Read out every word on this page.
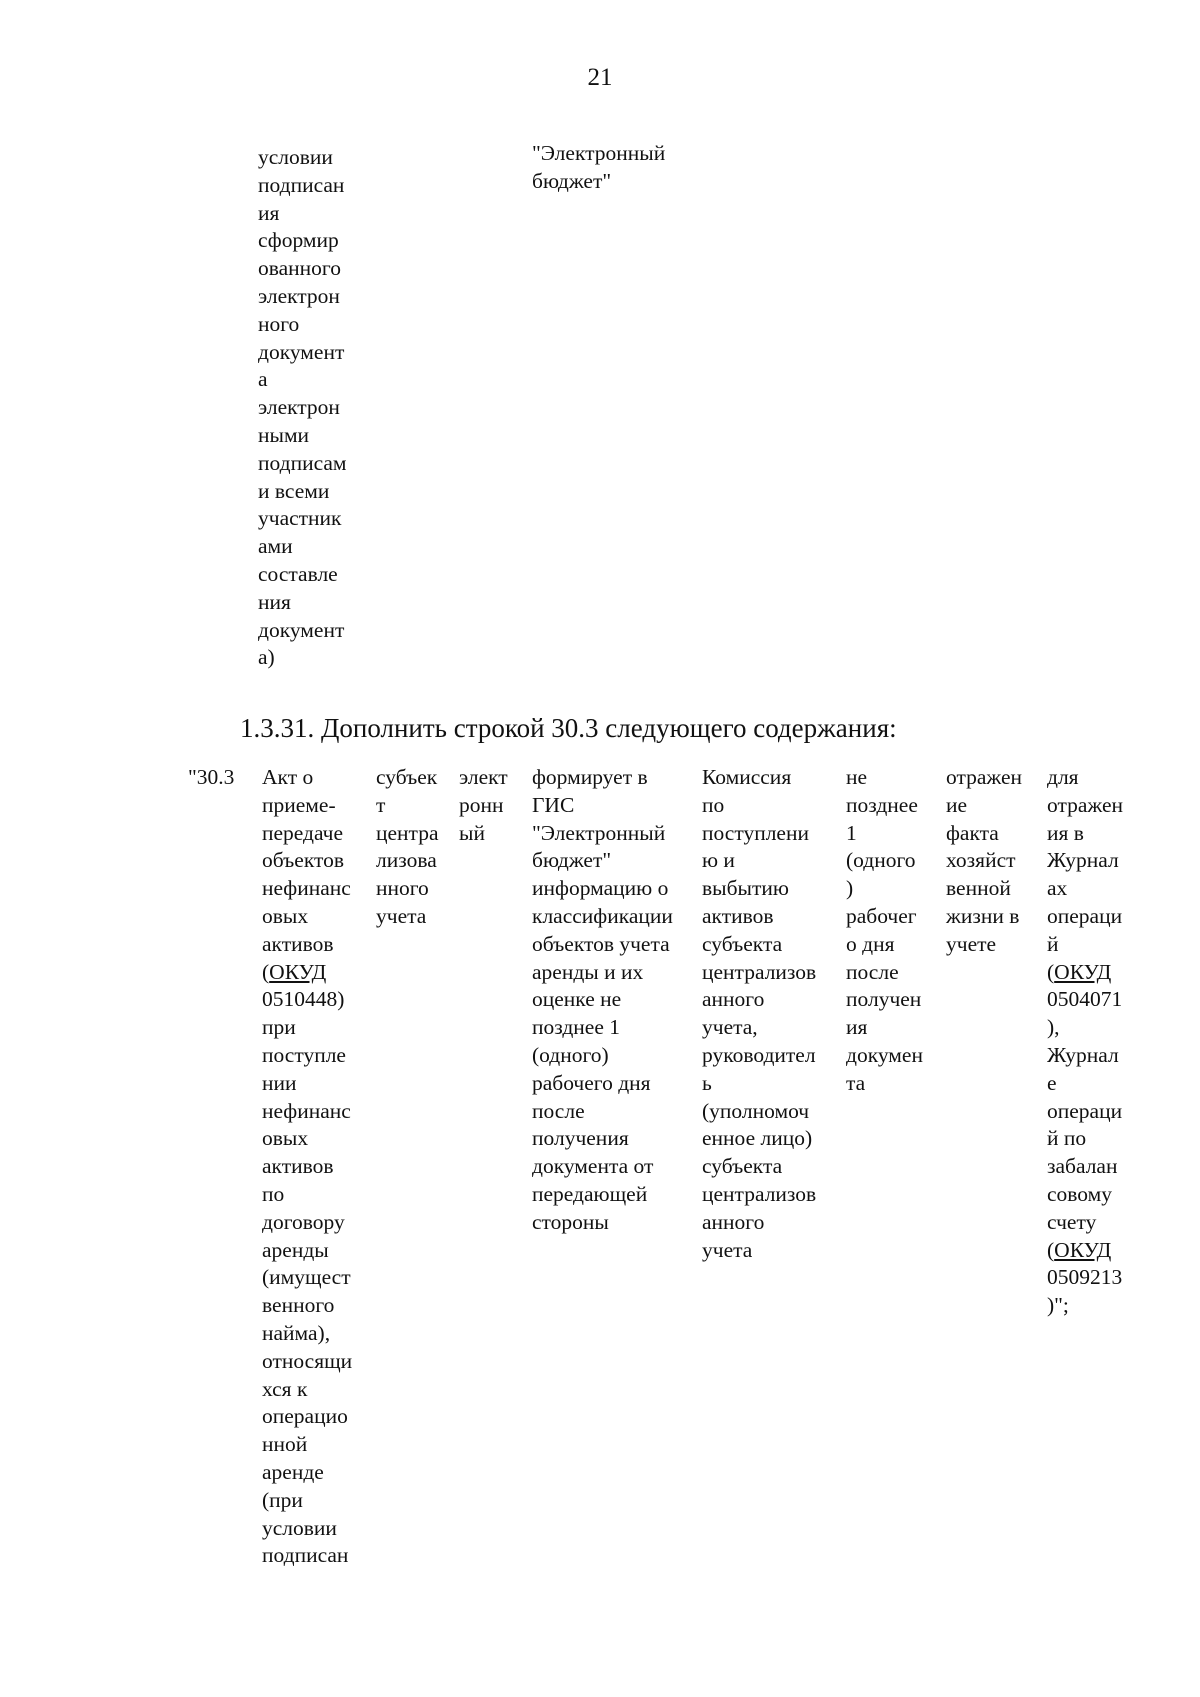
21
условии
подписан
ия
сформир
ованного
электрон
ного
документ
а
электрон
ными
подписам
и всеми
участник
ами
составле
ния
документ
а)
"Электронный
бюджет"
1.3.31. Дополнить строкой 30.3 следующего содержания:
"30.3 Акт о
приеме-
передаче
объектов
нефинанс
овых
активов
(ОКУД
0510448)
при
поступле
нии
нефинанс
овых
активов
по
договору
аренды
(имущест
венного
найма),
относящи
хся к
операцио
нной
аренде
(при
условии
подписан
субъек
т
центра
лизова
нного
учета
элект
ронн
ый
формирует в
ГИС
"Электронный
бюджет"
информацию о
классификации
объектов учета
аренды и их
оценке не
позднее 1
(одного)
рабочего дня
после
получения
документа от
передающей
стороны
Комиссия
по
поступлени
ю и
выбытию
активов
субъекта
централизов
анного
учета,
руководител
ь
(уполномоч
енное лицо)
субъекта
централизов
анного
учета
не
позднее
1
(одного
)
рабочег
о дня
после
получен
ия
докумен
та
отражен
ие
факта
хозяйст
венной
жизни в
учете
для
отражен
ия в
Журнал
ах
операци
й
(ОКУД
0504071
),
Журнал
е
операци
й по
забалан
совому
счету
(ОКУД
0509213
)";
